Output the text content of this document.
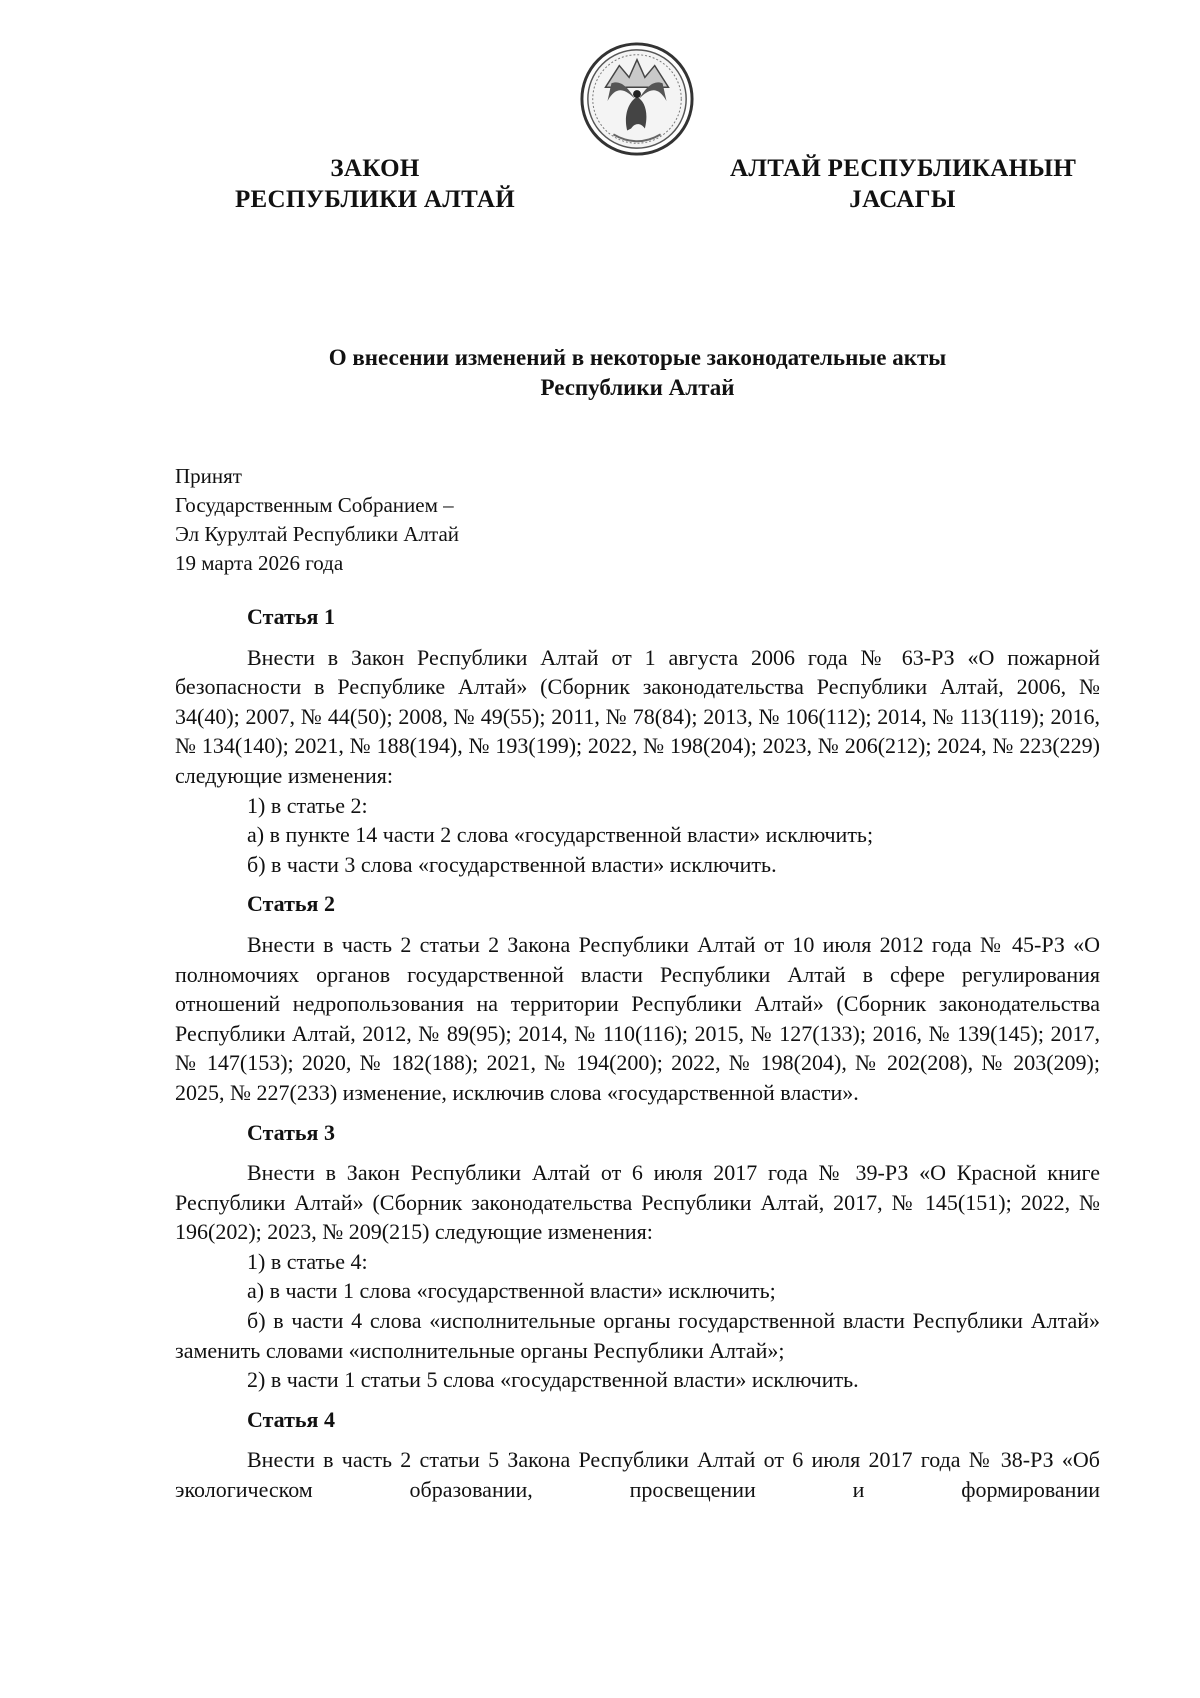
ЗАКОН
РЕСПУБЛИКИ АЛТАЙ
АЛТАЙ РЕСПУБЛИКАНЫҤ
ЈАСАГЫ
О внесении изменений в некоторые законодательные акты
Республики Алтай
Принят
Государственным Собранием –
Эл Курултай Республики Алтай
19 марта 2026 года
Статья 1

Внести в Закон Республики Алтай от 1 августа 2006 года № 63-РЗ «О пожарной безопасности в Республике Алтай» (Сборник законодательства Республики Алтай, 2006, № 34(40); 2007, № 44(50); 2008, № 49(55); 2011, № 78(84); 2013, № 106(112); 2014, № 113(119); 2016, № 134(140); 2021, № 188(194), № 193(199); 2022, № 198(204); 2023, № 206(212); 2024, № 223(229) следующие изменения:

1) в статье 2:

а) в пункте 14 части 2 слова «государственной власти» исключить;

б) в части 3 слова «государственной власти» исключить.

Статья 2

Внести в часть 2 статьи 2 Закона Республики Алтай от 10 июля 2012 года № 45-РЗ «О полномочиях органов государственной власти Республики Алтай в сфере регулирования отношений недропользования на территории Республики Алтай» (Сборник законодательства Республики Алтай, 2012, № 89(95); 2014, № 110(116); 2015, № 127(133); 2016, № 139(145); 2017, № 147(153); 2020, № 182(188); 2021, № 194(200); 2022, № 198(204), № 202(208), № 203(209); 2025, № 227(233) изменение, исключив слова «государственной власти».

Статья 3

Внести в Закон Республики Алтай от 6 июля 2017 года № 39-РЗ «О Красной книге Республики Алтай» (Сборник законодательства Республики Алтай, 2017, № 145(151); 2022, № 196(202); 2023, № 209(215) следующие изменения:

1) в статье 4:

а) в части 1 слова «государственной власти» исключить;

б) в части 4 слова «исполнительные органы государственной власти Республики Алтай» заменить словами «исполнительные органы Республики Алтай»;

2) в части 1 статьи 5 слова «государственной власти» исключить.

Статья 4

Внести в часть 2 статьи 5 Закона Республики Алтай от 6 июля 2017 года № 38-РЗ «Об экологическом образовании, просвещении и формировании
